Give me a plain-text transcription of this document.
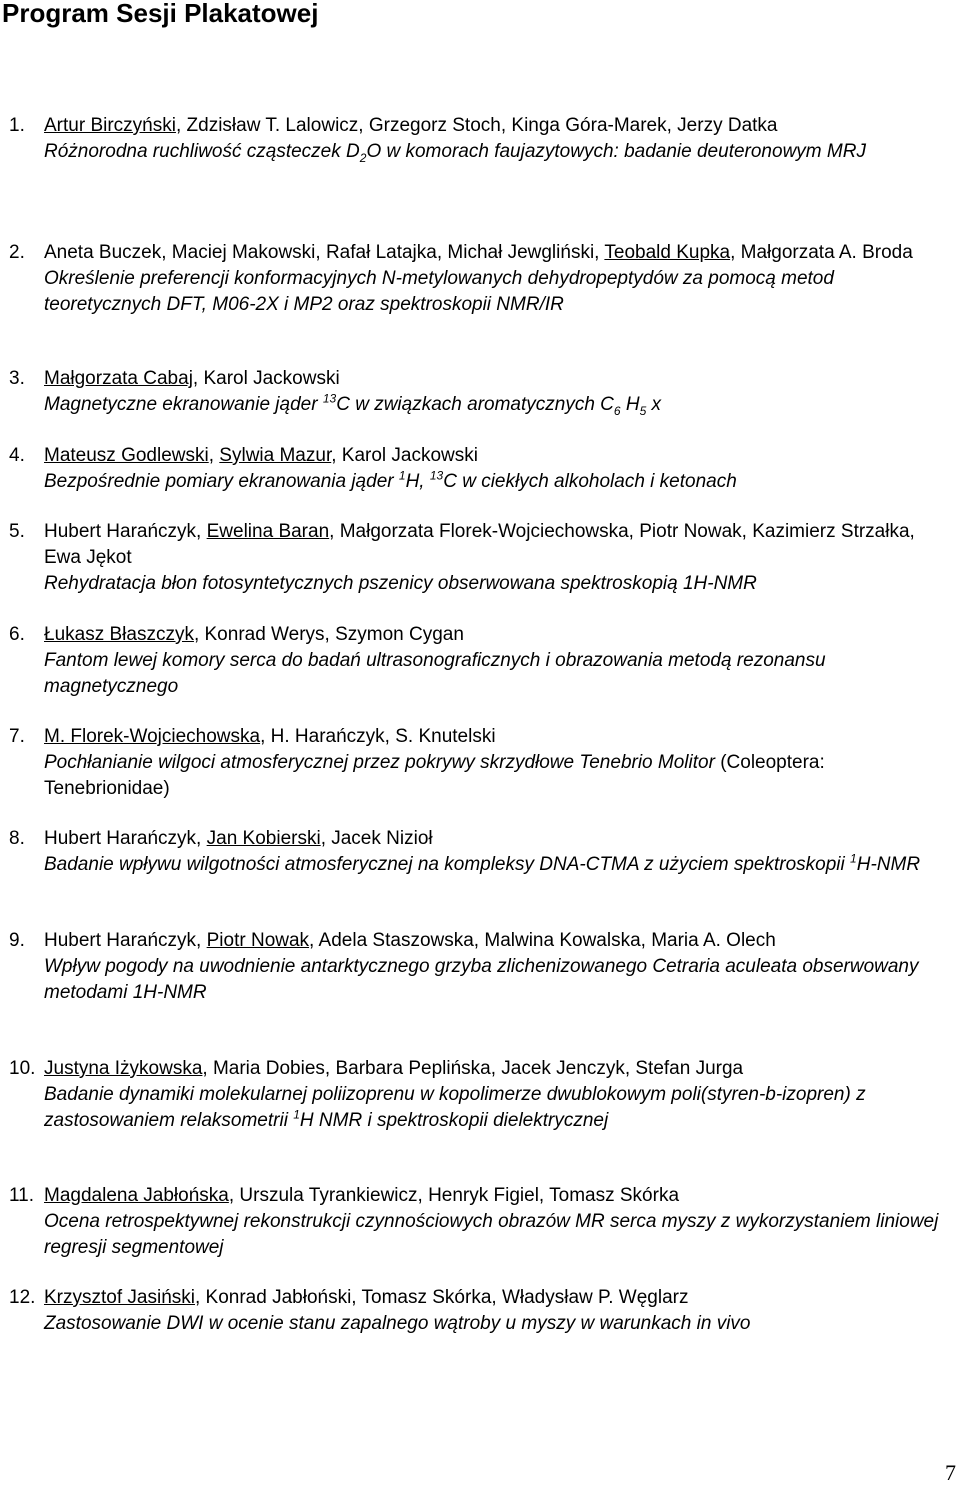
Program Sesji Plakatowej
1. Artur Birczyński, Zdzisław T. Lalowicz, Grzegorz Stoch, Kinga Góra-Marek, Jerzy Datka
Różnorodna ruchliwość cząsteczek $D_2O$ w komorach faujazytowych: badanie deuteronowym MRJ
2. Aneta Buczek, Maciej Makowski, Rafał Latajka, Michał Jewgliński, Teobald Kupka, Małgorzata A. Broda
Określenie preferencji konformacyjnych N-metylowanych dehydropeptydów za pomocą metod teoretycznych DFT, M06-2X i MP2 oraz spektroskopii NMR/IR
3. Małgorzata Cabaj, Karol Jackowski
Magnetyczne ekranowanie jąder $^{13}$C w związkach aromatycznych $C_6$ $H_5$ x
4. Mateusz Godlewski, Sylwia Mazur, Karol Jackowski
Bezpośrednie pomiary ekranowania jąder $^1$H, $^{13}$C w ciekłych alkoholach i ketonach
5. Hubert Harańczyk, Ewelina Baran, Małgorzata Florek-Wojciechowska, Piotr Nowak, Kazimierz Strzałka, Ewa Jękot
Rehydratacja błon fotosyntetycznych pszenicy obserwowana spektroskopią 1H-NMR
6. Łukasz Błaszczyk, Konrad Werys, Szymon Cygan
Fantom lewej komory serca do badań ultrasonograficznych i obrazowania metodą rezonansu magnetycznego
7. M. Florek-Wojciechowska, H. Harańczyk, S. Knutelski
Pochłanianie wilgoci atmosferycznej przez pokrywy skrzydłowe Tenebrio Molitor (Coleoptera: Tenebrionidae)
8. Hubert Harańczyk, Jan Kobierski, Jacek Nizioł
Badanie wpływu wilgotności atmosferycznej na kompleksy DNA-CTMA z użyciem spektroskopii $^1$H-NMR
9. Hubert Harańczyk, Piotr Nowak, Adela Staszowska, Malwina Kowalska, Maria A. Olech
Wpływ pogody na uwodnienie antarktycznego grzyba zlichenizowanego Cetraria aculeata obserwowany metodami 1H-NMR
10. Justyna Iżykowska, Maria Dobies, Barbara Peplińska, Jacek Jenczyk, Stefan Jurga
Badanie dynamiki molekularnej poliizoprenu w kopolimerze dwublokowym poli(styren-b-izopren) z zastosowaniem relaksometrii $^1$H NMR i spektroskopii dielektrycznej
11. Magdalena Jabłońska, Urszula Tyrankiewicz, Henryk Figiel, Tomasz Skórka
Ocena retrospektywnej rekonstrukcji czynnościowych obrazów MR serca myszy z wykorzystaniem liniowej regresji segmentowej
12. Krzysztof Jasiński, Konrad Jabłoński, Tomasz Skórka, Władysław P. Węglarz
Zastosowanie DWI w ocenie stanu zapalnego wątroby u myszy w warunkach in vivo
7
